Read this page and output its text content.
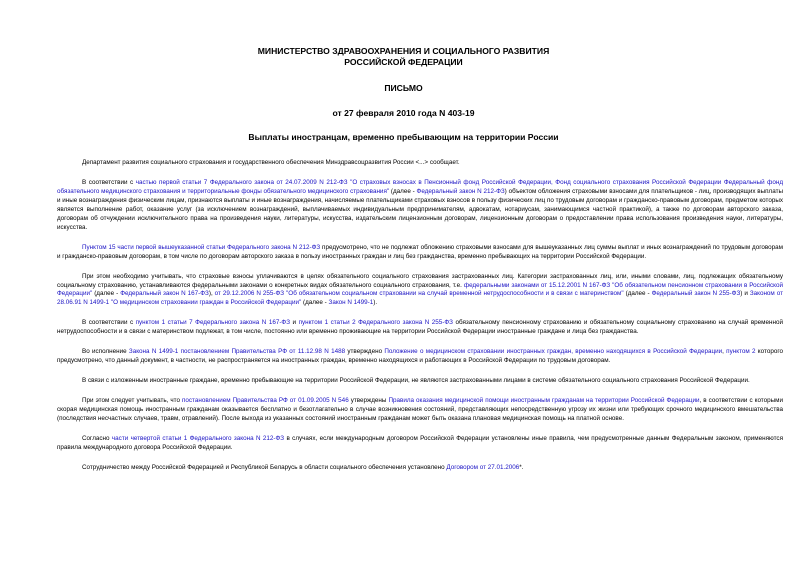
МИНИСТЕРСТВО ЗДРАВООХРАНЕНИЯ И СОЦИАЛЬНОГО РАЗВИТИЯ
РОССИЙСКОЙ ФЕДЕРАЦИИ
ПИСЬМО
от 27 февраля 2010 года N 403-19
Выплаты иностранцам, временно пребывающим на территории России

Департамент развития социального страхования и государственного обеспечения Минздравсоцразвития России <...> сообщает.

В соответствии с частью первой статьи 7 Федерального закона от 24.07.2009 N 212-ФЗ "О страховых взносах в Пенсионный фонд Российской Федерации, Фонд социального страхования Российской Федерации Федеральный фонд обязательного медицинского страхования и территориальные фонды обязательного медицинского страхования" (далее - Федеральный закон N 212-ФЗ) объектом обложения страховыми взносами для плательщиков - лиц, производящих выплаты и иные вознаграждения физическим лицам, признаются выплаты и иные вознаграждения, начисляемые плательщиками страховых взносов в пользу физических лиц по трудовым договорам и гражданско-правовым договорам, предметом которых является выполнение работ, оказание услуг (за исключением вознаграждений, выплачиваемых индивидуальным предпринимателям, адвокатам, нотариусам, занимающимся частной практикой), а также по договорам авторского заказа, договорам об отчуждении исключительного права на произведения науки, литературы, искусства, издательским лицензионным договорам, лицензионным договорам о предоставлении права использования произведения науки, литературы, искусства.

Пунктом 15 части первой вышеуказанной статьи Федерального закона N 212-ФЗ предусмотрено, что не подлежат обложению страховыми взносами для вышеуказанных лиц суммы выплат и иных вознаграждений по трудовым договорам и гражданско-правовым договорам, в том числе по договорам авторского заказа в пользу иностранных граждан и лиц без гражданства, временно пребывающих на территории Российской Федерации.

При этом необходимо учитывать, что страховые взносы уплачиваются в целях обязательного социального страхования застрахованных лиц. Категории застрахованных лиц, или, иными словами, лиц, подлежащих обязательному социальному страхованию, устанавливаются федеральными законами о конкретных видах обязательного социального страхования, т.е. федеральными законами от 15.12.2001 N 167-ФЗ "Об обязательном пенсионном страховании в Российской Федерации" (далее - Федеральный закон N 167-ФЗ), от 29.12.2006 N 255-ФЗ "Об обязательном социальном страховании на случай временной нетрудоспособности и в связи с материнством" (далее - Федеральный закон N 255-ФЗ) и Законом от 28.06.91 N 1499-1 "О медицинском страховании граждан в Российской Федерации" (далее - Закон N 1499-1).

В соответствии с пунктом 1 статьи 7 Федерального закона N 167-ФЗ и пунктом 1 статьи 2 Федерального закона N 255-ФЗ обязательному пенсионному страхованию и обязательному социальному страхованию на случай временной нетрудоспособности и в связи с материнством подлежат, в том числе, постоянно или временно проживающие на территории Российской Федерации иностранные граждане и лица без гражданства.

Во исполнение Закона N 1499-1 постановлением Правительства РФ от 11.12.98 N 1488 утверждено Положение о медицинском страховании иностранных граждан, временно находящихся в Российской Федерации, пунктом 2 которого предусмотрено, что данный документ, в частности, не распространяется на иностранных граждан, временно находящихся и работающих в Российской Федерации по трудовым договорам.

В связи с изложенным иностранные граждане, временно пребывающие на территории Российской Федерации, не являются застрахованными лицами в системе обязательного социального страхования Российской Федерации.

При этом следует учитывать, что постановлением Правительства РФ от 01.09.2005 N 546 утверждены Правила оказания медицинской помощи иностранным гражданам на территории Российской Федерации, в соответствии с которыми скорая медицинская помощь иностранным гражданам оказывается бесплатно и безотлагательно в случае возникновения состояний, представляющих непосредственную угрозу их жизни или требующих срочного медицинского вмешательства (последствия несчастных случаев, травм, отравлений). После выхода из указанных состояний иностранным гражданам может быть оказана плановая медицинская помощь на платной основе.

Согласно части четвертой статьи 1 Федерального закона N 212-ФЗ в случаях, если международным договором Российской Федерации установлены иные правила, чем предусмотренные данным Федеральным законом, применяются правила международного договора Российской Федерации.

Сотрудничество между Российской Федерацией и Республикой Беларусь в области социального обеспечения установлено Договором от 27.01.2006*.
